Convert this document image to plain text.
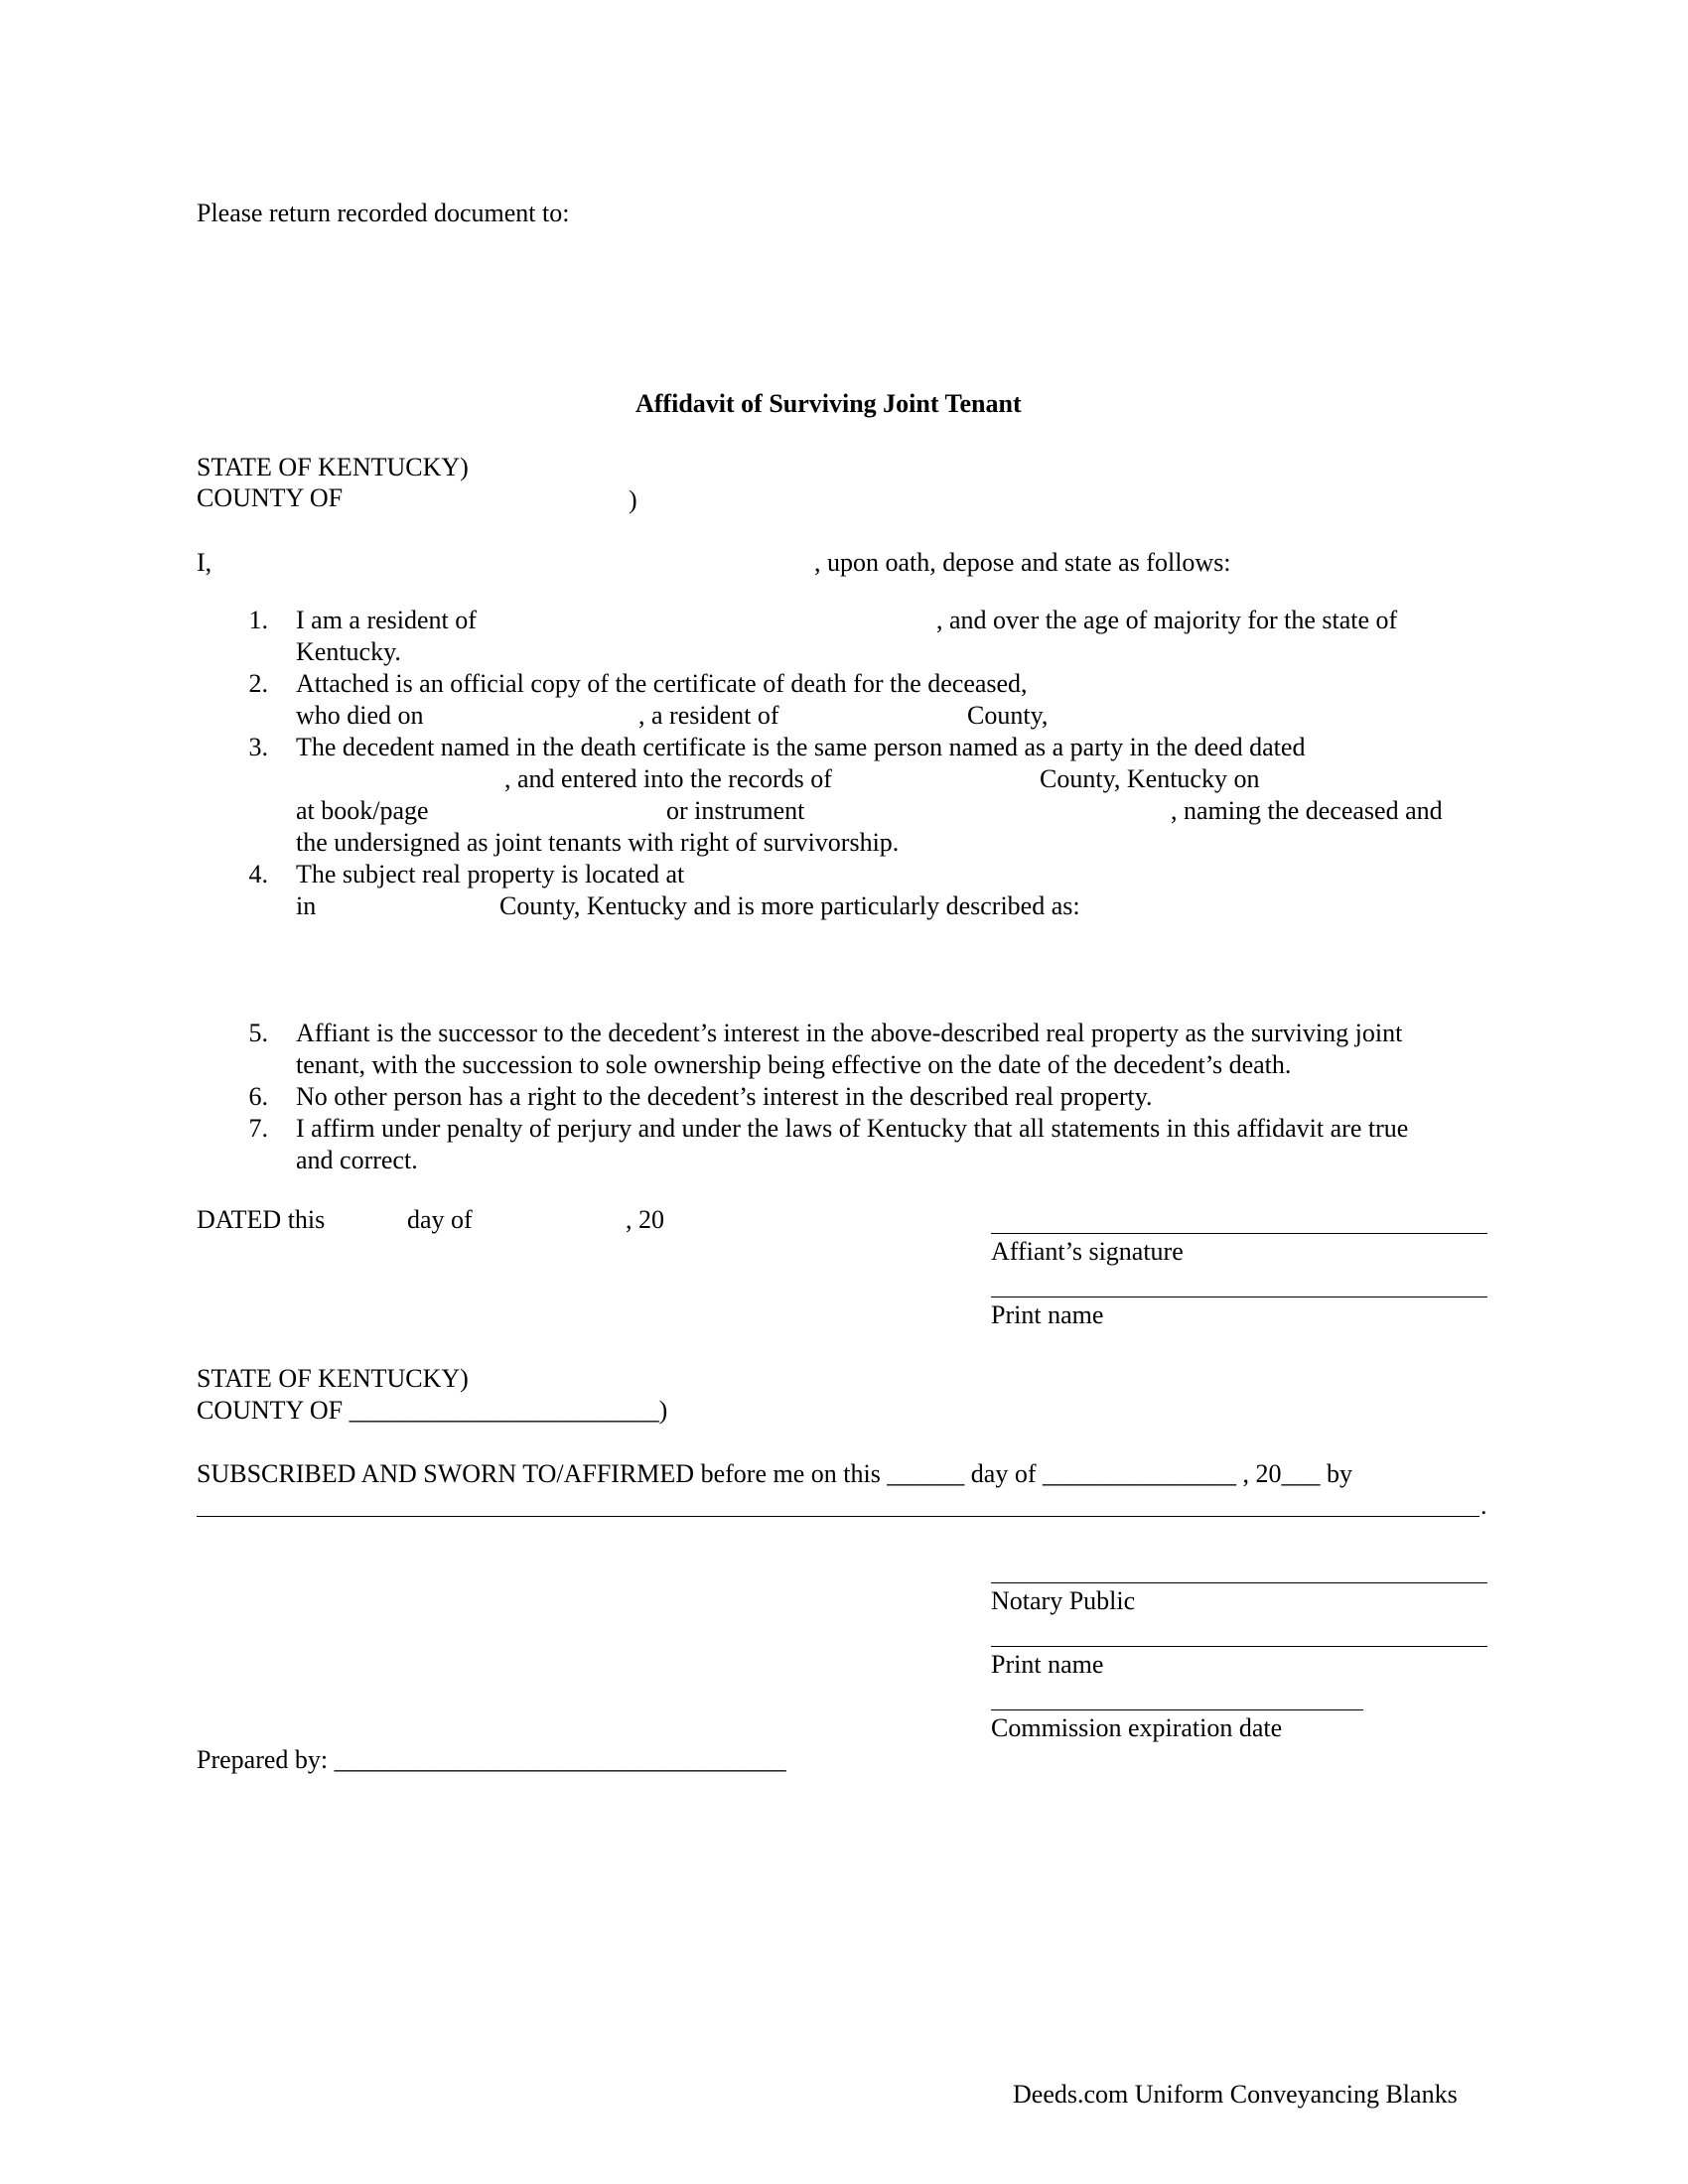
Please return recorded document to:
Affidavit of Surviving Joint Tenant
STATE OF KENTUCKY)
COUNTY OF	)
I,	, upon oath, depose and state as follows:
1. I am a resident of	, and over the age of majority for the state of
Kentucky.
2. Attached is an official copy of the certificate of death for the deceased,
who died on	, a resident of	County,
3. The decedent named in the death certificate is the same person named as a party in the deed dated
, and entered into the records of	County, Kentucky on
at book/page	or instrument	, naming the deceased and
the undersigned as joint tenants with right of survivorship.
4. The subject real property is located at
in	County, Kentucky and is more particularly described as:
5. Affiant is the successor to the decedent’s interest in the above-described real property as the surviving joint
tenant, with the succession to sole ownership being effective on the date of the decedent’s death.
6. No other person has a right to the decedent’s interest in the described real property.
7. I affirm under penalty of perjury and under the laws of Kentucky that all statements in this affidavit are true
and correct.
DATED this	day of	, 20
Affiant’s signature
Print name
STATE OF KENTUCKY)
COUNTY OF ________________________)
SUBSCRIBED AND SWORN TO/AFFIRMED before me on this ______ day of _______________ , 20___ by
.
Notary Public
Print name
Commission expiration date
Prepared by: ___________________________________
Deeds.com Uniform Conveyancing Blanks
